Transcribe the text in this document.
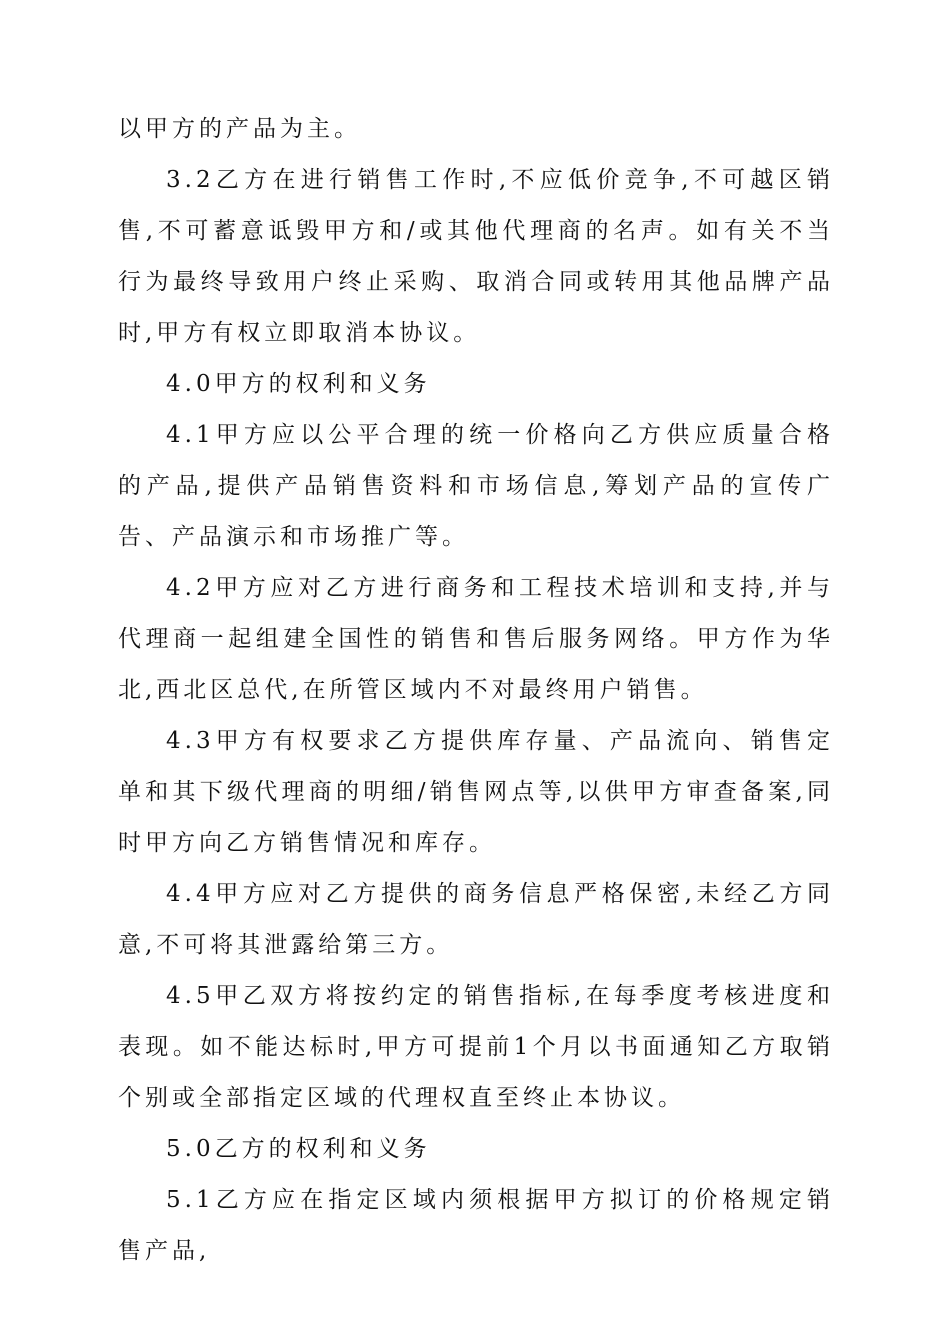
以甲方的产品为主。

3.2乙方在进行销售工作时,不应低价竞争,不可越区销售,不可蓄意诋毁甲方和/或其他代理商的名声。如有关不当行为最终导致用户终止采购、取消合同或转用其他品牌产品时,甲方有权立即取消本协议。

4.0甲方的权利和义务

4.1甲方应以公平合理的统一价格向乙方供应质量合格的产品,提供产品销售资料和市场信息,筹划产品的宣传广告、产品演示和市场推广等。

4.2甲方应对乙方进行商务和工程技术培训和支持,并与代理商一起组建全国性的销售和售后服务网络。甲方作为华北,西北区总代,在所管区域内不对最终用户销售。

4.3甲方有权要求乙方提供库存量、产品流向、销售定单和其下级代理商的明细/销售网点等,以供甲方审查备案,同时甲方向乙方销售情况和库存。

4.4甲方应对乙方提供的商务信息严格保密,未经乙方同意,不可将其泄露给第三方。

4.5甲乙双方将按约定的销售指标,在每季度考核进度和表现。如不能达标时,甲方可提前1个月以书面通知乙方取销个别或全部指定区域的代理权直至终止本协议。

5.0乙方的权利和义务

5.1乙方应在指定区域内须根据甲方拟订的价格规定销售产品,
